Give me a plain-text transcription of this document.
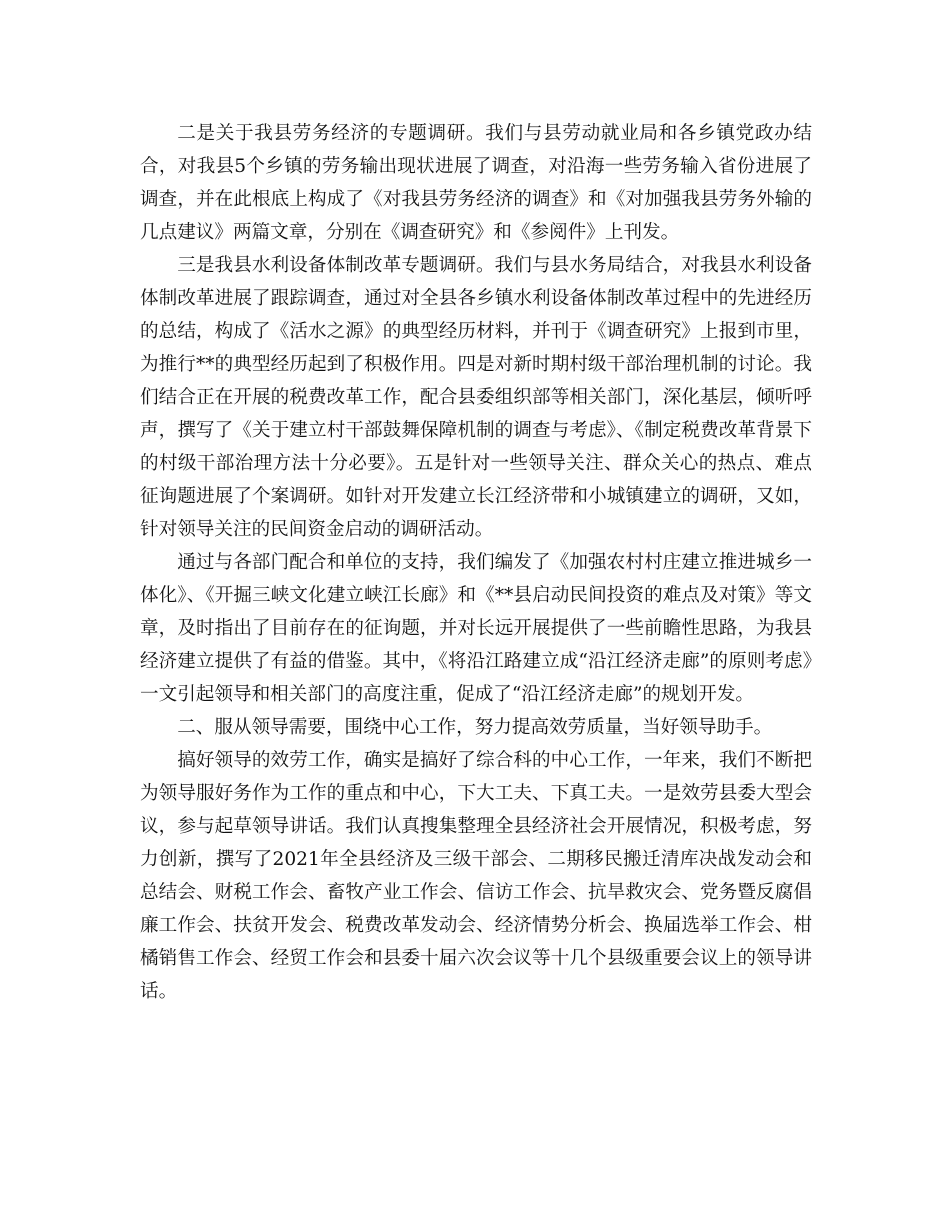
二是关于我县劳务经济的专题调研。我们与县劳动就业局和各乡镇党政办结合，对我县5个乡镇的劳务输出现状进展了调查，对沿海一些劳务输入省份进展了调查，并在此根底上构成了《对我县劳务经济的调查》和《对加强我县劳务外输的几点建议》两篇文章，分别在《调查研究》和《参阅件》上刊发。

三是我县水利设备体制改革专题调研。我们与县水务局结合，对我县水利设备体制改革进展了跟踪调查，通过对全县各乡镇水利设备体制改革过程中的先进经历的总结，构成了《活水之源》的典型经历材料，并刊于《调查研究》上报到市里，为推行**的典型经历起到了积极作用。四是对新时期村级干部治理机制的讨论。我们结合正在开展的税费改革工作，配合县委组织部等相关部门，深化基层，倾听呼声，撰写了《关于建立村干部鼓舞保障机制的调查与考虑》、《制定税费改革背景下的村级干部治理方法十分必要》。五是针对一些领导关注、群众关心的热点、难点征询题进展了个案调研。如针对开发建立长江经济带和小城镇建立的调研，又如，针对领导关注的民间资金启动的调研活动。

通过与各部门配合和单位的支持，我们编发了《加强农村村庄建立推进城乡一体化》、《开掘三峡文化建立峡江长廊》和《**县启动民间投资的难点及对策》等文章，及时指出了目前存在的征询题，并对长远开展提供了一些前瞻性思路，为我县经济建立提供了有益的借鉴。其中，《将沿江路建立成“沿江经济走廊”的原则考虑》一文引起领导和相关部门的高度注重，促成了“沿江经济走廊”的规划开发。

二、服从领导需要，围绕中心工作，努力提高效劳质量，当好领导助手。

搞好领导的效劳工作，确实是搞好了综合科的中心工作，一年来，我们不断把为领导服好务作为工作的重点和中心，下大工夫、下真工夫。一是效劳县委大型会议，参与起草领导讲话。我们认真搜集整理全县经济社会开展情况，积极考虑，努力创新，撰写了2021年全县经济及三级干部会、二期移民搬迁清库决战发动会和总结会、财税工作会、畜牧产业工作会、信访工作会、抗旱救灾会、党务暨反腐倡廉工作会、扶贫开发会、税费改革发动会、经济情势分析会、换届选举工作会、柑橘销售工作会、经贸工作会和县委十届六次会议等十几个县级重要会议上的领导讲话。
